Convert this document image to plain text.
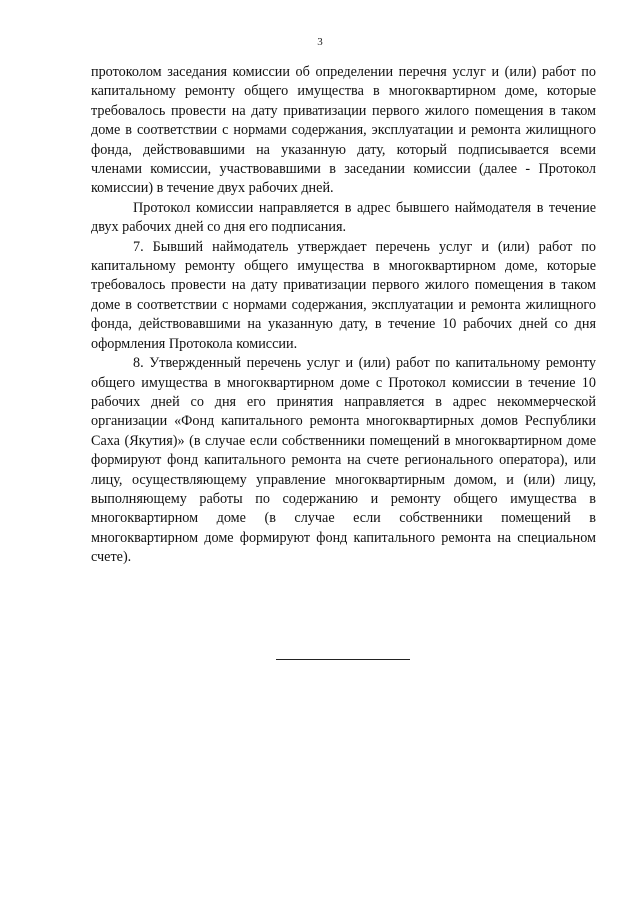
3

протоколом заседания комиссии об определении перечня услуг и (или) работ по капитальному ремонту общего имущества в многоквартирном доме, которые требовалось провести на дату приватизации первого жилого помещения в таком доме в соответствии с нормами содержания, эксплуатации и ремонта жилищного фонда, действовавшими на указанную дату, который подписывается всеми членами комиссии, участвовавшими в заседании комиссии (далее - Протокол комиссии) в течение двух рабочих дней.

Протокол комиссии направляется в адрес бывшего наймодателя в течение двух рабочих дней со дня его подписания.

7. Бывший наймодатель утверждает перечень услуг и (или) работ по капитальному ремонту общего имущества в многоквартирном доме, которые требовалось провести на дату приватизации первого жилого помещения в таком доме в соответствии с нормами содержания, эксплуатации и ремонта жилищного фонда, действовавшими на указанную дату, в течение 10 рабочих дней со дня оформления Протокола комиссии.

8. Утвержденный перечень услуг и (или) работ по капитальному ремонту общего имущества в многоквартирном доме с Протокол комиссии в течение 10 рабочих дней со дня его принятия направляется в адрес некоммерческой организации «Фонд капитального ремонта многоквартирных домов Республики Саха (Якутия)» (в случае если собственники помещений в многоквартирном доме формируют фонд капитального ремонта на счете регионального оператора), или лицу, осуществляющему управление многоквартирным домом, и (или) лицу, выполняющему работы по содержанию и ремонту общего имущества в многоквартирном доме (в случае если собственники помещений в многоквартирном доме формируют фонд капитального ремонта на специальном счете).
